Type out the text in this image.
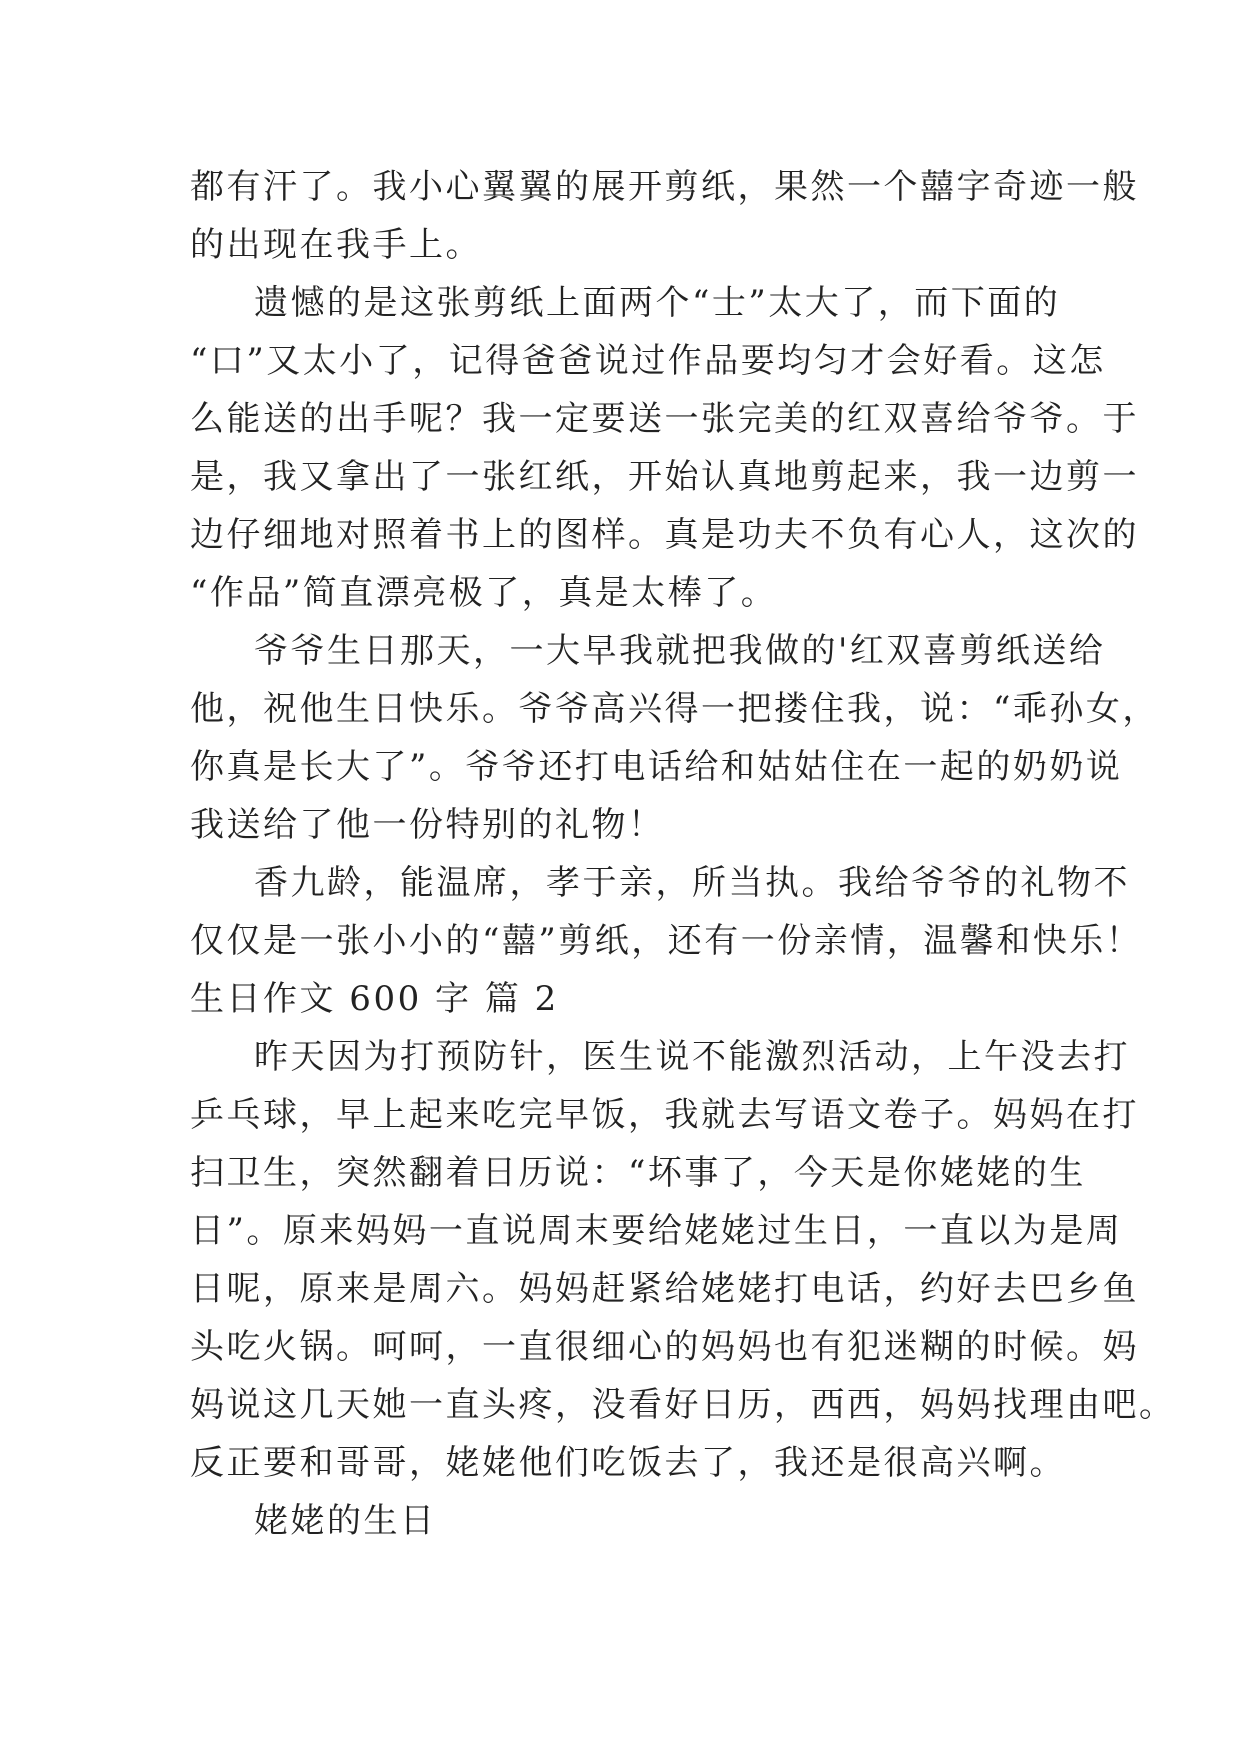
都有汗了。我小心翼翼的展开剪纸，果然一个囍字奇迹一般

的出现在我手上。

遗憾的是这张剪纸上面两个“士”太大了，而下面的

“口”又太小了，记得爸爸说过作品要均匀才会好看。这怎

么能送的出手呢？我一定要送一张完美的红双喜给爷爷。于

是，我又拿出了一张红纸，开始认真地剪起来，我一边剪一

边仔细地对照着书上的图样。真是功夫不负有心人，这次的

“作品”简直漂亮极了，真是太棒了。

爷爷生日那天，一大早我就把我做的'红双喜剪纸送给

他，祝他生日快乐。爷爷高兴得一把搂住我，说：“乖孙女，

你真是长大了”。爷爷还打电话给和姑姑住在一起的奶奶说

我送给了他一份特别的礼物！

香九龄，能温席，孝于亲，所当执。我给爷爷的礼物不

仅仅是一张小小的“囍”剪纸，还有一份亲情，温馨和快乐！

生日作文 600 字 篇 2

昨天因为打预防针，医生说不能激烈活动，上午没去打

乒乓球，早上起来吃完早饭，我就去写语文卷子。妈妈在打

扫卫生，突然翻着日历说：“坏事了，今天是你姥姥的生

日”。原来妈妈一直说周末要给姥姥过生日，一直以为是周

日呢，原来是周六。妈妈赶紧给姥姥打电话，约好去巴乡鱼

头吃火锅。呵呵，一直很细心的妈妈也有犯迷糊的时候。妈

妈说这几天她一直头疼，没看好日历，西西，妈妈找理由吧。

反正要和哥哥，姥姥他们吃饭去了，我还是很高兴啊。

姥姥的生日
